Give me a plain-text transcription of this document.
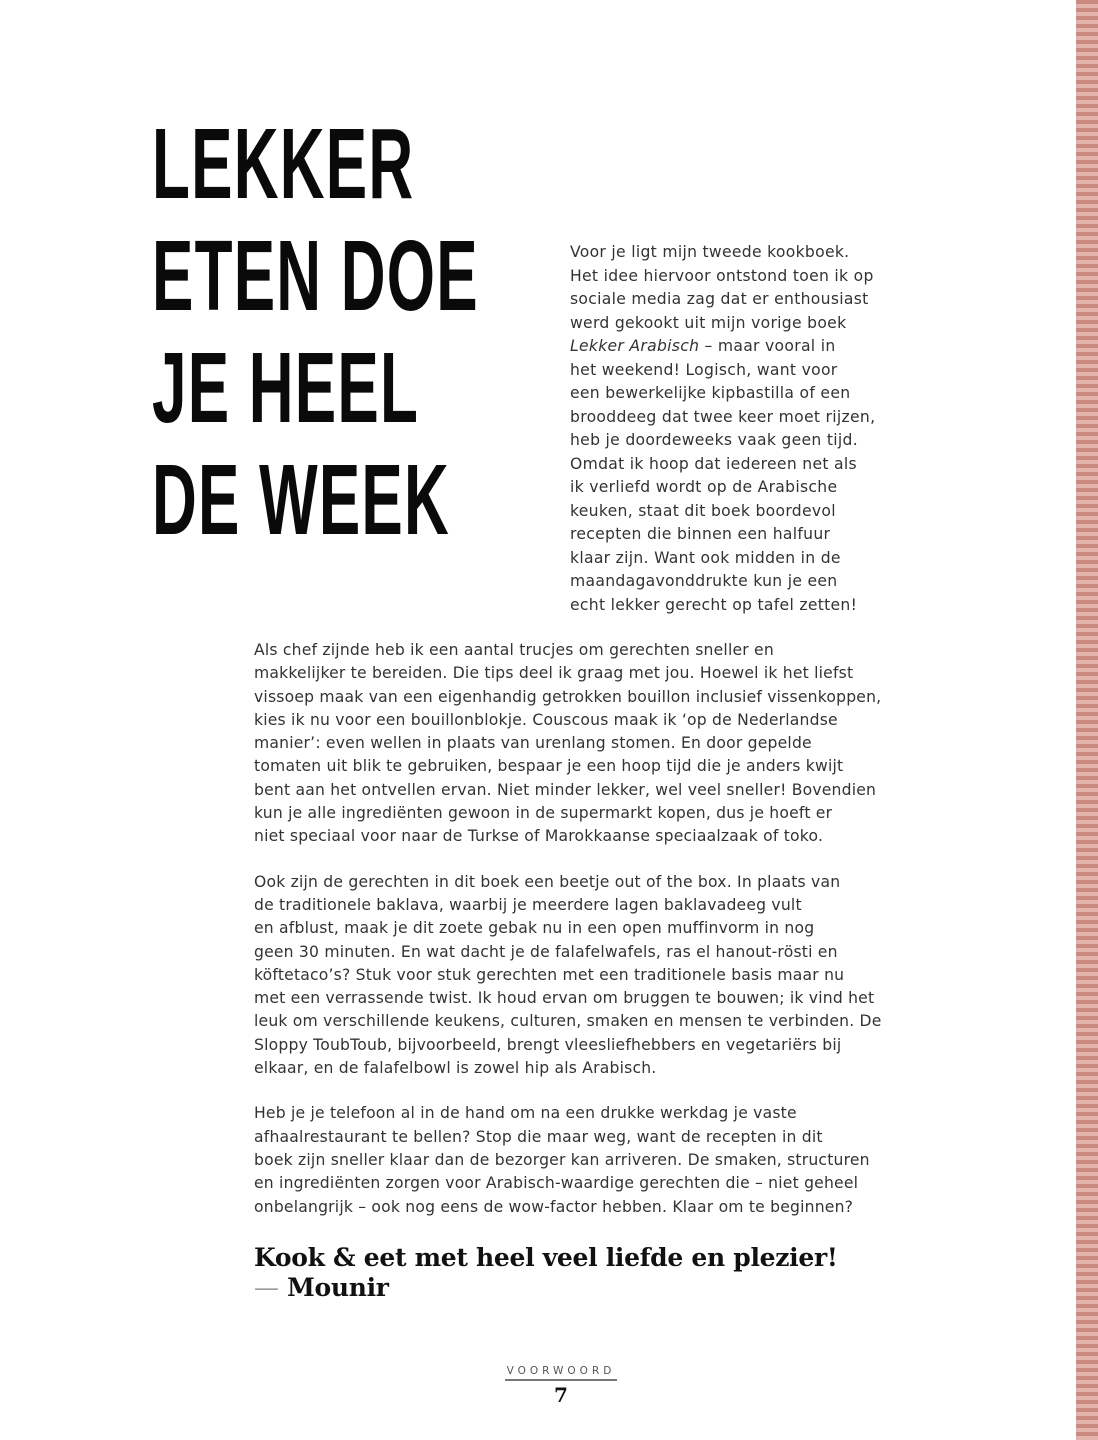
LEKKER
ETEN DOE
JE HEEL
DE WEEK
Voor je ligt mijn tweede kookboek.
Het idee hiervoor ontstond toen ik op
sociale media zag dat er enthousiast
werd gekookt uit mijn vorige boek
Lekker Arabisch – maar vooral in
het weekend! Logisch, want voor
een bewerkelijke kipbastilla of een
brooddeeg dat twee keer moet rijzen,
heb je doordeweeks vaak geen tijd.
Omdat ik hoop dat iedereen net als
ik verliefd wordt op de Arabische
keuken, staat dit boek boordevol
recepten die binnen een halfuur
klaar zijn. Want ook midden in de
maandagavonddrukte kun je een
echt lekker gerecht op tafel zetten!

Als chef zijnde heb ik een aantal trucjes om gerechten sneller en
makkelijker te bereiden. Die tips deel ik graag met jou. Hoewel ik het liefst
vissoep maak van een eigenhandig getrokken bouillon inclusief vissenkoppen,
kies ik nu voor een bouillonblokje. Couscous maak ik ‘op de Nederlandse
manier’: even wellen in plaats van urenlang stomen. En door gepelde
tomaten uit blik te gebruiken, bespaar je een hoop tijd die je anders kwijt
bent aan het ontvellen ervan. Niet minder lekker, wel veel sneller! Bovendien
kun je alle ingrediënten gewoon in de supermarkt kopen, dus je hoeft er
niet speciaal voor naar de Turkse of Marokkaanse speciaalzaak of toko.

Ook zijn de gerechten in dit boek een beetje out of the box. In plaats van
de traditionele baklava, waarbij je meerdere lagen baklavadeeg vult
en afblust, maak je dit zoete gebak nu in een open muffinvorm in nog
geen 30 minuten. En wat dacht je de falafelwafels, ras el hanout-rösti en
köftetaco’s? Stuk voor stuk gerechten met een traditionele basis maar nu
met een verrassende twist. Ik houd ervan om bruggen te bouwen; ik vind het
leuk om verschillende keukens, culturen, smaken en mensen te verbinden. De
Sloppy ToubToub, bijvoorbeeld, brengt vleesliefhebbers en vegetariërs bij
elkaar, en de falafelbowl is zowel hip als Arabisch.

Heb je je telefoon al in de hand om na een drukke werkdag je vaste
afhaalrestaurant te bellen? Stop die maar weg, want de recepten in dit
boek zijn sneller klaar dan de bezorger kan arriveren. De smaken, structuren
en ingrediënten zorgen voor Arabisch-waardige gerechten die – niet geheel
onbelangrijk – ook nog eens de wow-factor hebben. Klaar om te beginnen?

Kook & eet met heel veel liefde en plezier!
— Mounir
VOORWOORD
7
